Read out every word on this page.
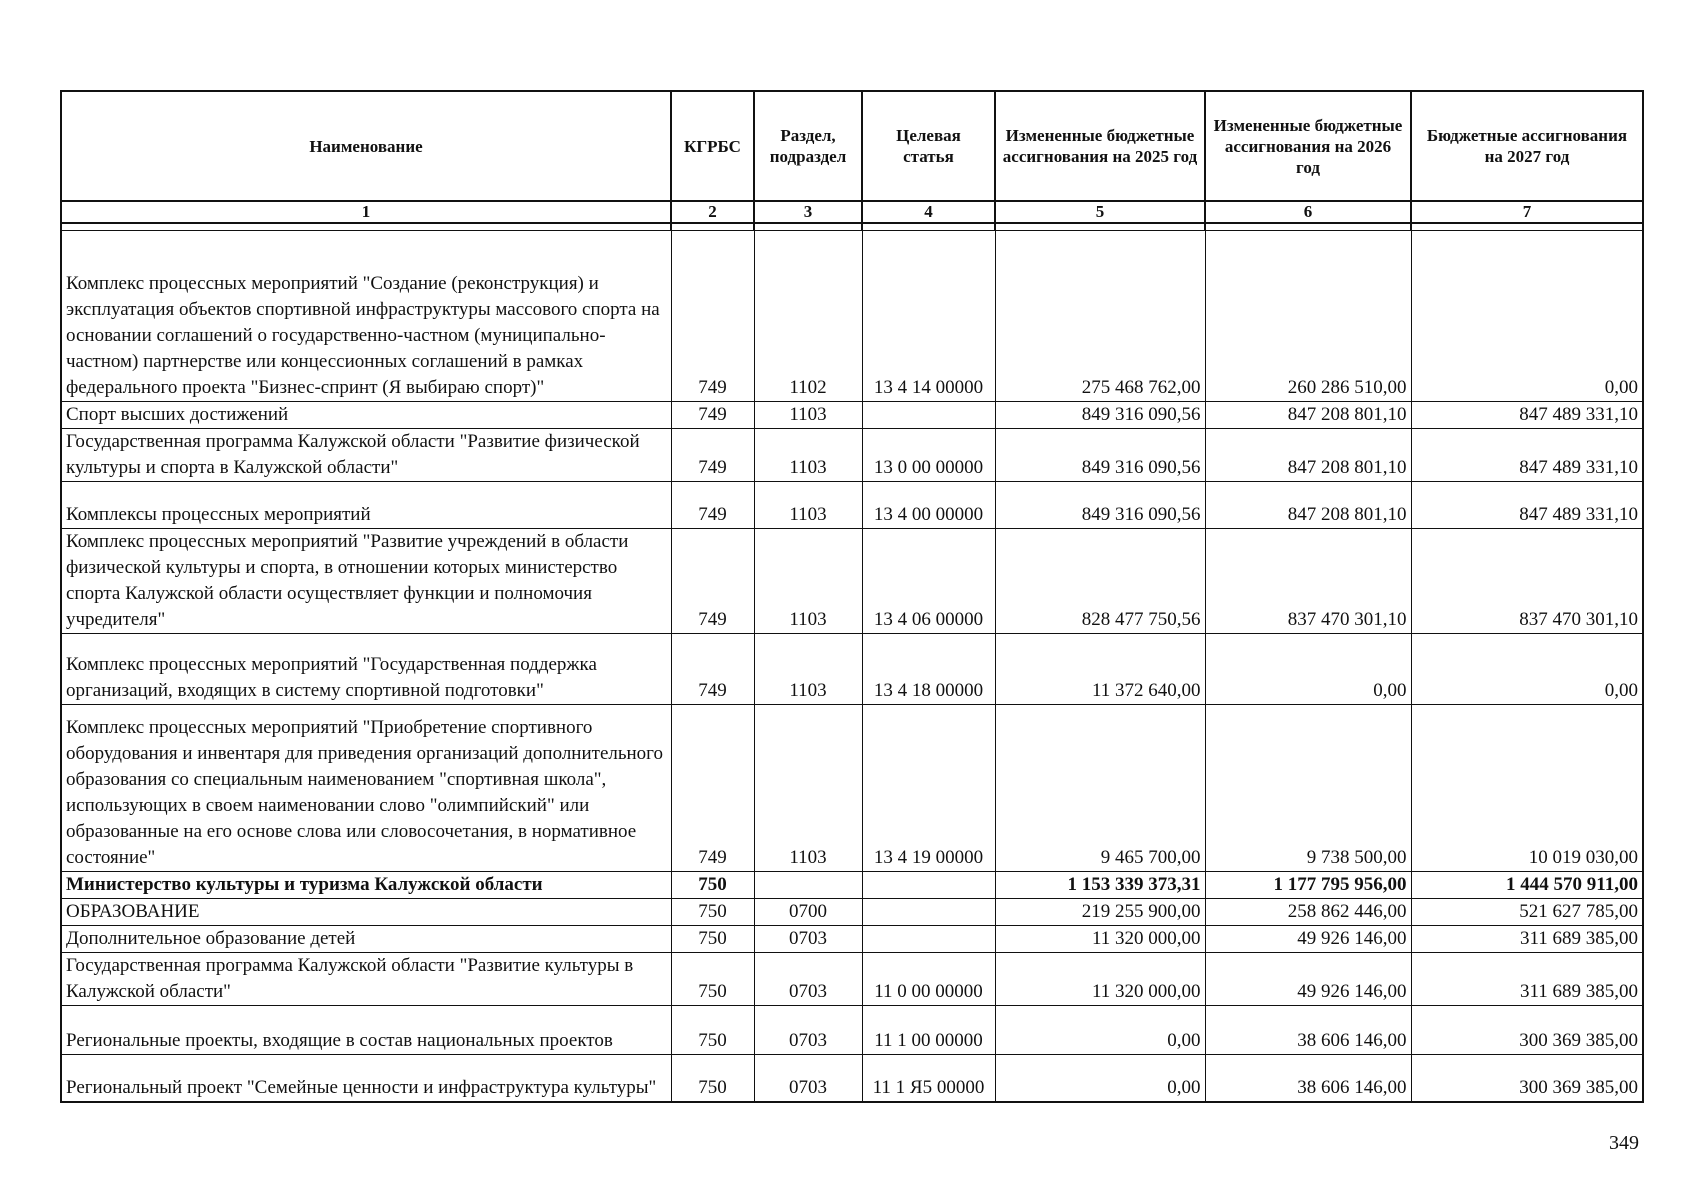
Наименование	КГРБС	Раздел, подраздел	Целевая статья	Измененные бюджетные ассигнования на 2025 год	Измененные бюджетные ассигнования на 2026 год	Бюджетные ассигнования на 2027 год
1	2	3	4	5	6	7

Комплекс процессных мероприятий "Создание (реконструкция) и эксплуатация объектов спортивной инфраструктуры массового спорта на основании соглашений о государственно-частном (муниципально-частном) партнерстве или концессионных соглашений в рамках федерального проекта "Бизнес-спринт (Я выбираю спорт)"	749	1102	13 4 14 00000	275 468 762,00	260 286 510,00	0,00
Спорт высших достижений	749	1103		849 316 090,56	847 208 801,10	847 489 331,10
Государственная программа Калужской области "Развитие физической культуры и спорта в Калужской области"	749	1103	13 0 00 00000	849 316 090,56	847 208 801,10	847 489 331,10
Комплексы процессных мероприятий	749	1103	13 4 00 00000	849 316 090,56	847 208 801,10	847 489 331,10
Комплекс процессных мероприятий "Развитие учреждений в области физической культуры и спорта, в отношении которых министерство спорта Калужской области осуществляет функции и полномочия учредителя"	749	1103	13 4 06 00000	828 477 750,56	837 470 301,10	837 470 301,10
Комплекс процессных мероприятий "Государственная поддержка организаций, входящих в систему спортивной подготовки"	749	1103	13 4 18 00000	11 372 640,00	0,00	0,00
Комплекс процессных мероприятий "Приобретение спортивного оборудования и инвентаря для приведения организаций дополнительного образования со специальным наименованием "спортивная школа", использующих в своем наименовании слово "олимпийский" или образованные на его основе слова или словосочетания, в нормативное состояние"	749	1103	13 4 19 00000	9 465 700,00	9 738 500,00	10 019 030,00
Министерство культуры и туризма Калужской области	750			1 153 339 373,31	1 177 795 956,00	1 444 570 911,00
ОБРАЗОВАНИЕ	750	0700		219 255 900,00	258 862 446,00	521 627 785,00
Дополнительное образование детей	750	0703		11 320 000,00	49 926 146,00	311 689 385,00
Государственная программа Калужской области "Развитие культуры в Калужской области"	750	0703	11 0 00 00000	11 320 000,00	49 926 146,00	311 689 385,00
Региональные проекты, входящие в состав национальных проектов	750	0703	11 1 00 00000	0,00	38 606 146,00	300 369 385,00
Региональный проект "Семейные ценности и инфраструктура культуры"	750	0703	11 1 Я5 00000	0,00	38 606 146,00	300 369 385,00
349
